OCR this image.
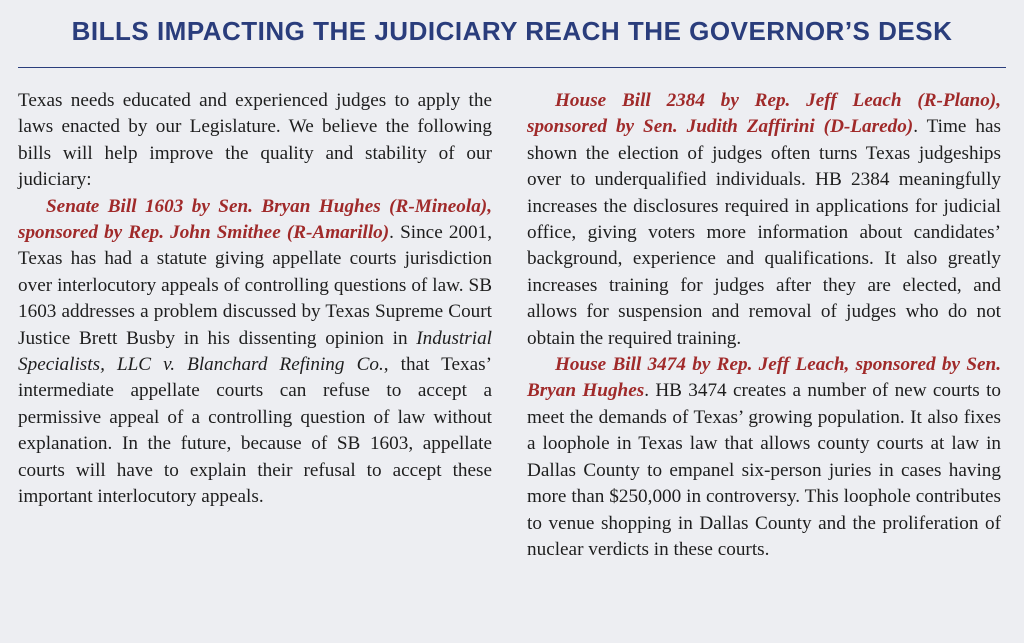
BILLS IMPACTING THE JUDICIARY REACH THE GOVERNOR’S DESK

Texas needs educated and experienced judges to apply the laws enacted by our Legislature. We believe the following bills will help improve the quality and stability of our judiciary:

Senate Bill 1603 by Sen. Bryan Hughes (R-Mineola), sponsored by Rep. John Smithee (R-Amarillo). Since 2001, Texas has had a statute giving appellate courts jurisdiction over interlocutory appeals of controlling questions of law. SB 1603 addresses a problem discussed by Texas Supreme Court Justice Brett Busby in his dissenting opinion in Industrial Specialists, LLC v. Blanchard Refining Co., that Texas’ intermediate appellate courts can refuse to accept a permissive appeal of a controlling question of law without explanation. In the future, because of SB 1603, appellate courts will have to explain their refusal to accept these important interlocutory appeals.

House Bill 2384 by Rep. Jeff Leach (R-Plano), sponsored by Sen. Judith Zaffirini (D-Laredo). Time has shown the election of judges often turns Texas judgeships over to underqualified individuals. HB 2384 meaningfully increases the disclosures required in applications for judicial office, giving voters more information about candidates’ background, experience and qualifications. It also greatly increases training for judges after they are elected, and allows for suspension and removal of judges who do not obtain the required training.

House Bill 3474 by Rep. Jeff Leach, sponsored by Sen. Bryan Hughes. HB 3474 creates a number of new courts to meet the demands of Texas’ growing population. It also fixes a loophole in Texas law that allows county courts at law in Dallas County to empanel six-person juries in cases having more than $250,000 in controversy. This loophole contributes to venue shopping in Dallas County and the proliferation of nuclear verdicts in these courts.
